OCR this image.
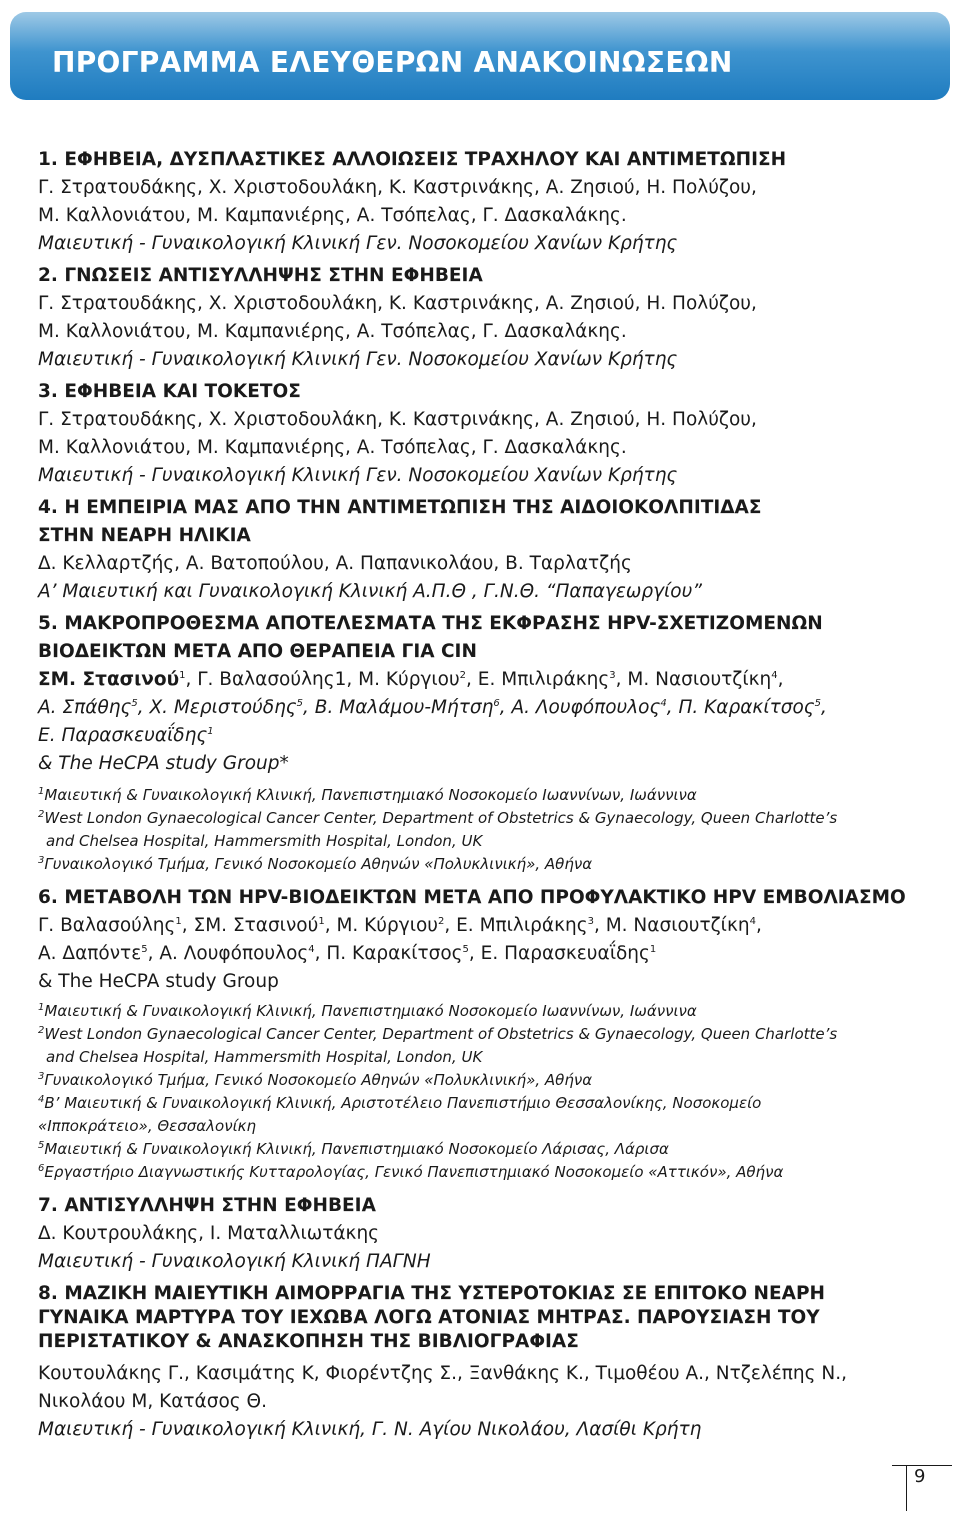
ΠΡΟΓΡΑΜΜΑ ΕΛΕΥΘΕΡΩΝ ΑΝΑΚΟΙΝΩΣΕΩΝ
1. ΕΦΗΒΕΙΑ, ΔΥΣΠΛΑΣΤΙΚΕΣ ΑΛΛΟΙΩΣΕΙΣ ΤΡΑΧΗΛΟΥ ΚΑΙ ΑΝΤΙΜΕΤΩΠΙΣΗ
Γ. Στρατουδάκης, Χ. Χριστοδουλάκη, Κ. Καστρινάκης, Α. Ζησιού, Η. Πολύζου,
Μ. Καλλονιάτου, Μ. Καμπανιέρης, Α. Τσόπελας, Γ. Δασκαλάκης.
Μαιευτική - Γυναικολογική Κλινική Γεν. Νοσοκομείου Χανίων Κρήτης
2. ΓΝΩΣΕΙΣ ΑΝΤΙΣΥΛΛΗΨΗΣ ΣΤΗΝ ΕΦΗΒΕΙΑ
Γ. Στρατουδάκης, Χ. Χριστοδουλάκη, Κ. Καστρινάκης, Α. Ζησιού, Η. Πολύζου,
Μ. Καλλονιάτου, Μ. Καμπανιέρης, Α. Τσόπελας, Γ. Δασκαλάκης.
Μαιευτική - Γυναικολογική Κλινική Γεν. Νοσοκομείου Χανίων Κρήτης
3. ΕΦΗΒΕΙΑ ΚΑΙ ΤΟΚΕΤΟΣ
Γ. Στρατουδάκης, Χ. Χριστοδουλάκη, Κ. Καστρινάκης, Α. Ζησιού, Η. Πολύζου,
Μ. Καλλονιάτου, Μ. Καμπανιέρης, Α. Τσόπελας, Γ. Δασκαλάκης.
Μαιευτική - Γυναικολογική Κλινική Γεν. Νοσοκομείου Χανίων Κρήτης
4. Η ΕΜΠΕΙΡΙΑ ΜΑΣ ΑΠΟ ΤΗΝ ΑΝΤΙΜΕΤΩΠΙΣΗ ΤΗΣ ΑΙΔΟΙΟΚΟΛΠΙΤΙΔΑΣ
ΣΤΗΝ ΝΕΑΡΗ ΗΛΙΚΙΑ
Δ. Κελλαρτζής, Α. Βατοπούλου, Α. Παπανικολάου, Β. Ταρλατζής
Α’ Μαιευτική και Γυναικολογική Κλινική Α.Π.Θ , Γ.Ν.Θ. “Παπαγεωργίου”
5. ΜΑΚΡΟΠΡΟΘΕΣΜΑ ΑΠΟΤΕΛΕΣΜΑΤΑ ΤΗΣ ΕΚΦΡΑΣΗΣ HPV-ΣΧΕΤΙΖΟΜΕΝΩΝ
ΒΙΟΔΕΙΚΤΩΝ ΜΕΤΑ ΑΠΟ ΘΕΡΑΠΕΙΑ ΓΙΑ CIN
ΣΜ. Στασινού$^1$, Γ. Βαλασούλης1, Μ. Κύργιου$^2$, Ε. Μπιλιράκης$^3$, Μ. Νασιουτζίκη$^4$,
Α. Σπάθης$^5$, Χ. Μεριστούδης$^5$, Β. Μαλάμου-Μήτση$^6$, Α. Λουφόπουλος$^4$, Π. Καρακίτσος$^5$,
Ε. Παρασκευαΐδης$^1$
& The HeCPA study Group*
$^1$Μαιευτική & Γυναικολογική Κλινική, Πανεπιστημιακό Νοσοκομείο Ιωαννίνων, Ιωάννινα
$^2$West London Gynaecological Cancer Center, Department of Obstetrics & Gynaecology, Queen Charlotte’s
and Chelsea Hospital, Hammersmith Hospital, London, UK
$^3$Γυναικολογικό Τμήμα, Γενικό Νοσοκομείο Αθηνών «Πολυκλινική», Αθήνα
6. ΜΕΤΑΒΟΛΗ ΤΩΝ HPV-ΒΙΟΔΕΙΚΤΩΝ ΜΕΤΑ ΑΠΟ ΠΡΟΦΥΛΑΚΤΙΚΟ HPV ΕΜΒΟΛΙΑΣΜΟ
Γ. Βαλασούλης$^1$, ΣΜ. Στασινού$^1$, Μ. Κύργιου$^2$, Ε. Μπιλιράκης$^3$, Μ. Νασιουτζίκη$^4$,
Α. Δαπόντε$^5$, Α. Λουφόπουλος$^4$, Π. Καρακίτσος$^5$, Ε. Παρασκευαΐδης$^1$
& The HeCPA study Group
$^1$Μαιευτική & Γυναικολογική Κλινική, Πανεπιστημιακό Νοσοκομείο Ιωαννίνων, Ιωάννινα
$^2$West London Gynaecological Cancer Center, Department of Obstetrics & Gynaecology, Queen Charlotte’s
and Chelsea Hospital, Hammersmith Hospital, London, UK
$^3$Γυναικολογικό Τμήμα, Γενικό Νοσοκομείο Αθηνών «Πολυκλινική», Αθήνα
$^4$Β’ Μαιευτική & Γυναικολογική Κλινική, Αριστοτέλειο Πανεπιστήμιο Θεσσαλονίκης, Νοσοκομείο
«Ιπποκράτειο», Θεσσαλονίκη
$^5$Μαιευτική & Γυναικολογική Κλινική, Πανεπιστημιακό Νοσοκομείο Λάρισας, Λάρισα
$^6$Εργαστήριο Διαγνωστικής Κυτταρολογίας, Γενικό Πανεπιστημιακό Νοσοκομείο «Αττικόν», Αθήνα
7. ΑΝΤΙΣΥΛΛΗΨΗ ΣΤΗΝ ΕΦΗΒΕΙΑ
Δ. Κουτρουλάκης, Ι. Ματαλλιωτάκης
Μαιευτική - Γυναικολογική Κλινική ΠΑΓΝΗ
8. ΜΑΖΙΚΗ ΜΑΙΕΥΤΙΚΗ ΑΙΜΟΡΡΑΓΙΑ ΤΗΣ ΥΣΤΕΡΟΤΟΚΙΑΣ ΣΕ ΕΠΙΤΟΚΟ ΝΕΑΡΗ
ΓΥΝΑΙΚΑ ΜΑΡΤΥΡΑ ΤΟΥ ΙΕΧΩΒΑ ΛΟΓΩ ΑΤΟΝΙΑΣ ΜΗΤΡΑΣ. ΠΑΡΟΥΣΙΑΣΗ ΤΟΥ
ΠΕΡΙΣΤΑΤΙΚΟΥ & ΑΝΑΣΚΟΠΗΣΗ ΤΗΣ ΒΙΒΛΙΟΓΡΑΦΙΑΣ
Κουτουλάκης Γ., Κασιμάτης Κ, Φιορέντζης Σ., Ξανθάκης Κ., Τιμοθέου Α., Ντζελέπης Ν.,
Νικολάου Μ, Κατάσος Θ.
Μαιευτική - Γυναικολογική Κλινική, Γ. Ν. Αγίου Νικολάου, Λασίθι Κρήτη
9
